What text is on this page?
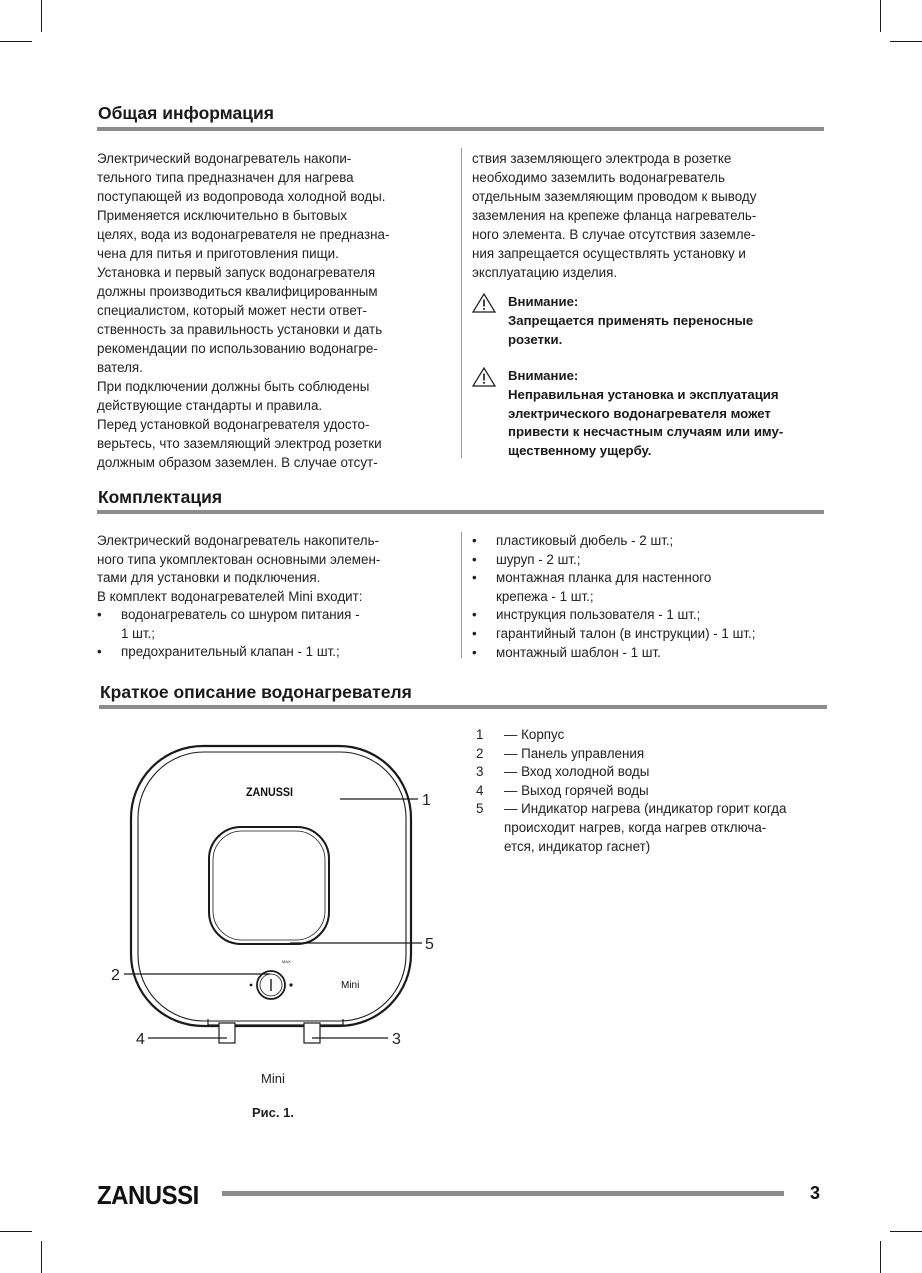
Общая информация

Электрический водонагреватель накопи-
тельного типа предназначен для нагрева
поступающей из водопровода холодной воды.
Применяется исключительно в бытовых
целях, вода из водонагревателя не предназна-
чена для питья и приготовления пищи.
Установка и первый запуск водонагревателя
должны производиться квалифицированным
специалистом, который может нести ответ-
ственность за правильность установки и дать
рекомендации по использованию водонагре-
вателя.
При подключении должны быть соблюдены
действующие стандарты и правила.
Перед установкой водонагревателя удосто-
верьтесь, что заземляющий электрод розетки
должным образом заземлен. В случае отсут-

ствия заземляющего электрода в розетке
необходимо заземлить водонагреватель
отдельным заземляющим проводом к выводу
заземления на крепеже фланца нагреватель-
ного элемента. В случае отсутствия заземле-
ния запрещается осуществлять установку и
эксплуатацию изделия.

Внимание:
Запрещается применять переносные
розетки.
Внимание:
Неправильная установка и эксплуатация
электрического водонагревателя может
привести к несчастным случаям или иму-
щественному ущербу.
Комплектация

Электрический водонагреватель накопитель-
ного типа укомплектован основными элемен-
тами для установки и подключения.
В комплект водонагревателей Mini входит:

• водонагреватель со шнуром питания -
1 шт.;
• предохранительный клапан - 1 шт.;
• пластиковый дюбель - 2 шт.;
• шуруп - 2 шт.;
• монтажная планка для настенного
крепежа - 1 шт.;
• инструкция пользователя - 1 шт.;
• гарантийный талон (в инструкции) - 1 шт.;
• монтажный шаблон - 1 шт.
Краткое описание водонагревателя
ZANUSSI
MAX
Mini
1
5
2
4	3
Mini
Рис. 1.
1 — Корпус
2 — Панель управления
3 — Вход холодной воды
4 — Выход горячей воды
5 — Индикатор нагрева (индикатор горит когда
происходит нагрев, когда нагрев отключа-
ется, индикатор гаснет)
ZANUSSI	3
